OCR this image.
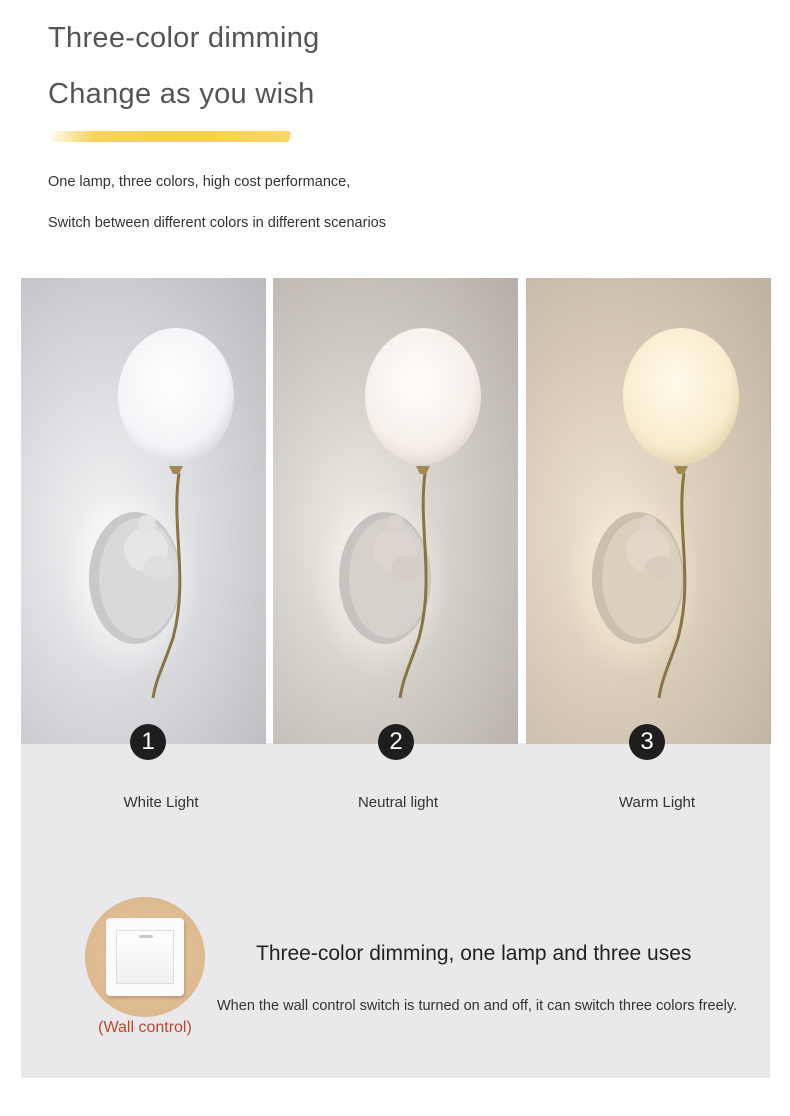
Three-color dimming
Change as you wish

One lamp, three colors, high cost performance,

Switch between different colors in different scenarios

1	2	3
White Light	Neutral light	Warm Light
(Wall control)
Three-color dimming, one lamp and three uses
When the wall control switch is turned on and off, it can switch three colors freely.
